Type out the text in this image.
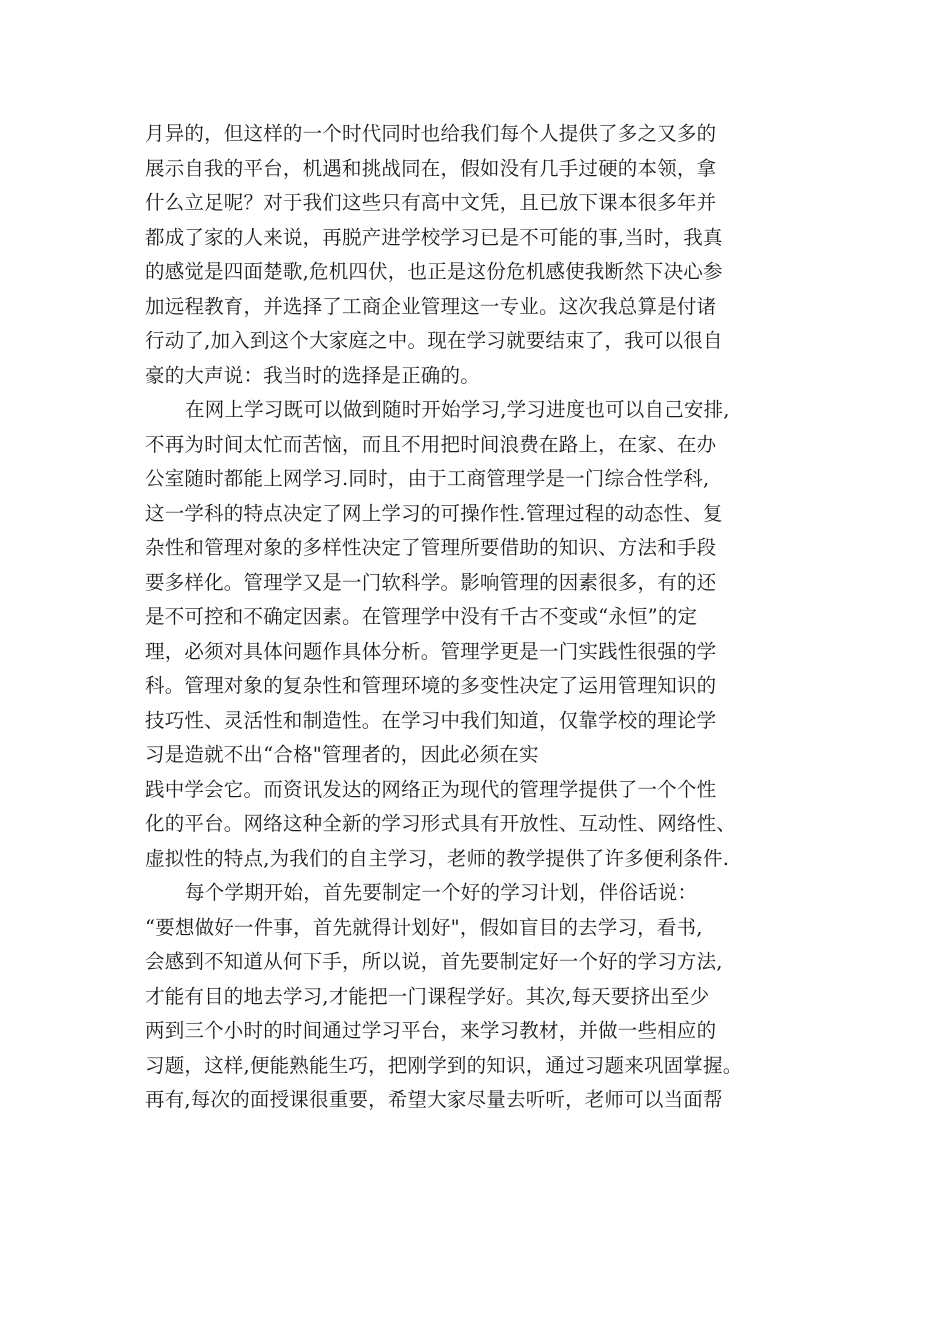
月异的，但这样的一个时代同时也给我们每个人提供了多之又多的
展示自我的平台，机遇和挑战同在，假如没有几手过硬的本领，拿
什么立足呢？对于我们这些只有高中文凭，且已放下课本很多年并
都成了家的人来说，再脱产进学校学习已是不可能的事,当时，我真
的感觉是四面楚歌,危机四伏，也正是这份危机感使我断然下决心参
加远程教育，并选择了工商企业管理这一专业。这次我总算是付诸
行动了,加入到这个大家庭之中。现在学习就要结束了，我可以很自
豪的大声说：我当时的选择是正确的。
在网上学习既可以做到随时开始学习,学习进度也可以自己安排,
不再为时间太忙而苦恼，而且不用把时间浪费在路上，在家、在办
公室随时都能上网学习.同时，由于工商管理学是一门综合性学科,
这一学科的特点决定了网上学习的可操作性.管理过程的动态性、复
杂性和管理对象的多样性决定了管理所要借助的知识、方法和手段
要多样化。管理学又是一门软科学。影响管理的因素很多，有的还
是不可控和不确定因素。在管理学中没有千古不变或“永恒”的定
理，必须对具体问题作具体分析。管理学更是一门实践性很强的学
科。管理对象的复杂性和管理环境的多变性决定了运用管理知识的
技巧性、灵活性和制造性。在学习中我们知道，仅靠学校的理论学
习是造就不出“合格"管理者的，因此必须在实
践中学会它。而资讯发达的网络正为现代的管理学提供了一个个性
化的平台。网络这种全新的学习形式具有开放性、互动性、网络性、
虚拟性的特点,为我们的自主学习，老师的教学提供了许多便利条件.
每个学期开始，首先要制定一个好的学习计划，伴俗话说：
“要想做好一件事，首先就得计划好"，假如盲目的去学习，看书,
会感到不知道从何下手，所以说，首先要制定好一个好的学习方法,
才能有目的地去学习,才能把一门课程学好。其次,每天要挤出至少
两到三个小时的时间通过学习平台，来学习教材，并做一些相应的
习题，这样,便能熟能生巧，把刚学到的知识，通过习题来巩固掌握。
再有,每次的面授课很重要，希望大家尽量去听听，老师可以当面帮
